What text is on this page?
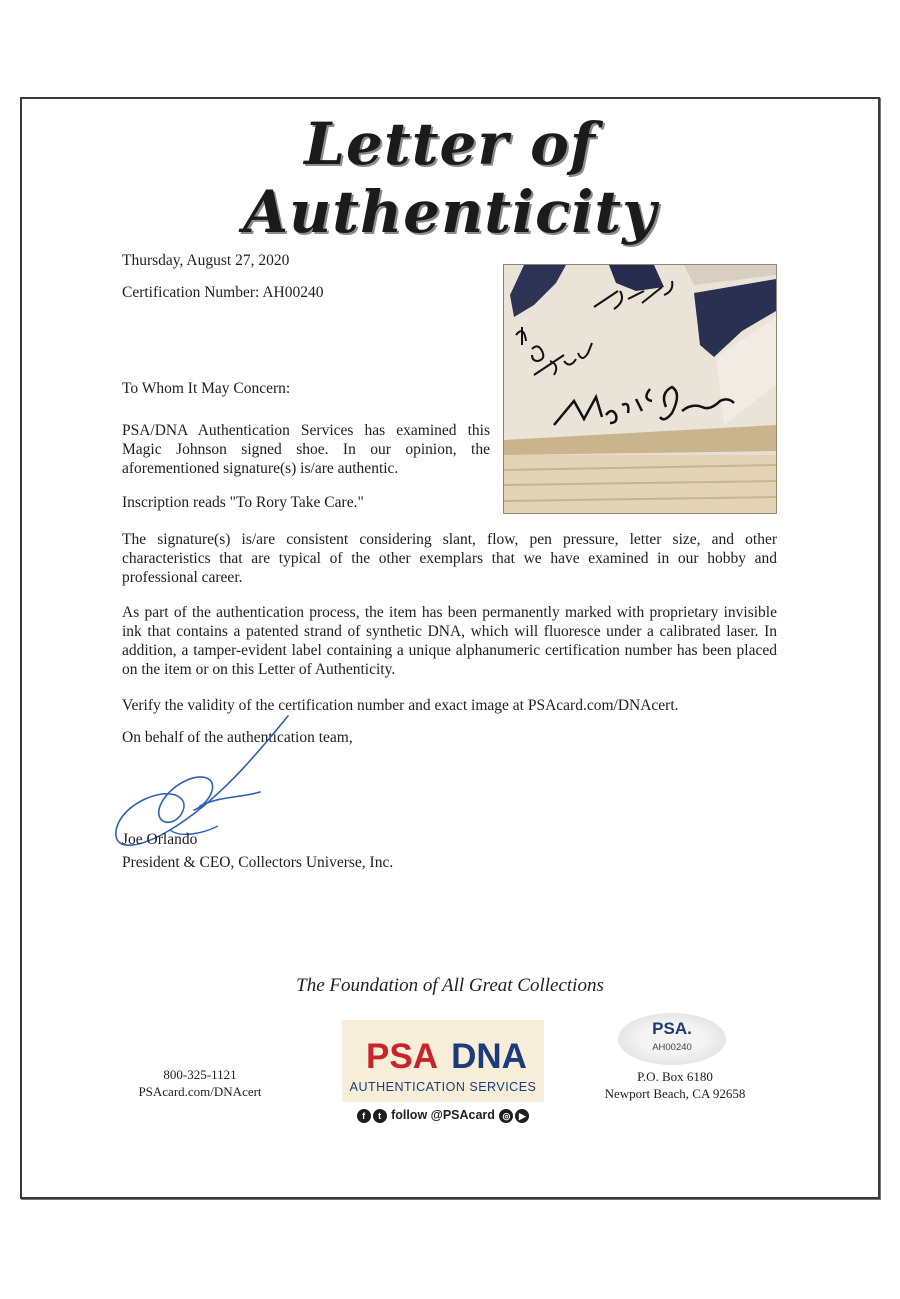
Letter of Authenticity

Thursday, August 27, 2020

Certification Number: AH00240

To Whom It May Concern:

PSA/DNA Authentication Services has examined this Magic Johnson signed shoe. In our opinion, the aforementioned signature(s) is/are authentic.

Inscription reads "To Rory Take Care."

The signature(s) is/are consistent considering slant, flow, pen pressure, letter size, and other characteristics that are typical of the other exemplars that we have examined in our hobby and professional career.

As part of the authentication process, the item has been permanently marked with proprietary invisible ink that contains a patented strand of synthetic DNA, which will fluoresce under a calibrated laser. In addition, a tamper-evident label containing a unique alphanumeric certification number has been placed on the item or on this Letter of Authenticity.

Verify the validity of the certification number and exact image at PSAcard.com/DNAcert.

On behalf of the authentication team,

Joe Orlando

President & CEO, Collectors Universe, Inc.

The Foundation of All Great Collections
800-325-1121
PSAcard.com/DNAcert
PSA DNA
AUTHENTICATION SERVICES
f t follow @PSAcard ◎ ▶
PSA.
AH00240
P.O. Box 6180
Newport Beach, CA 92658
